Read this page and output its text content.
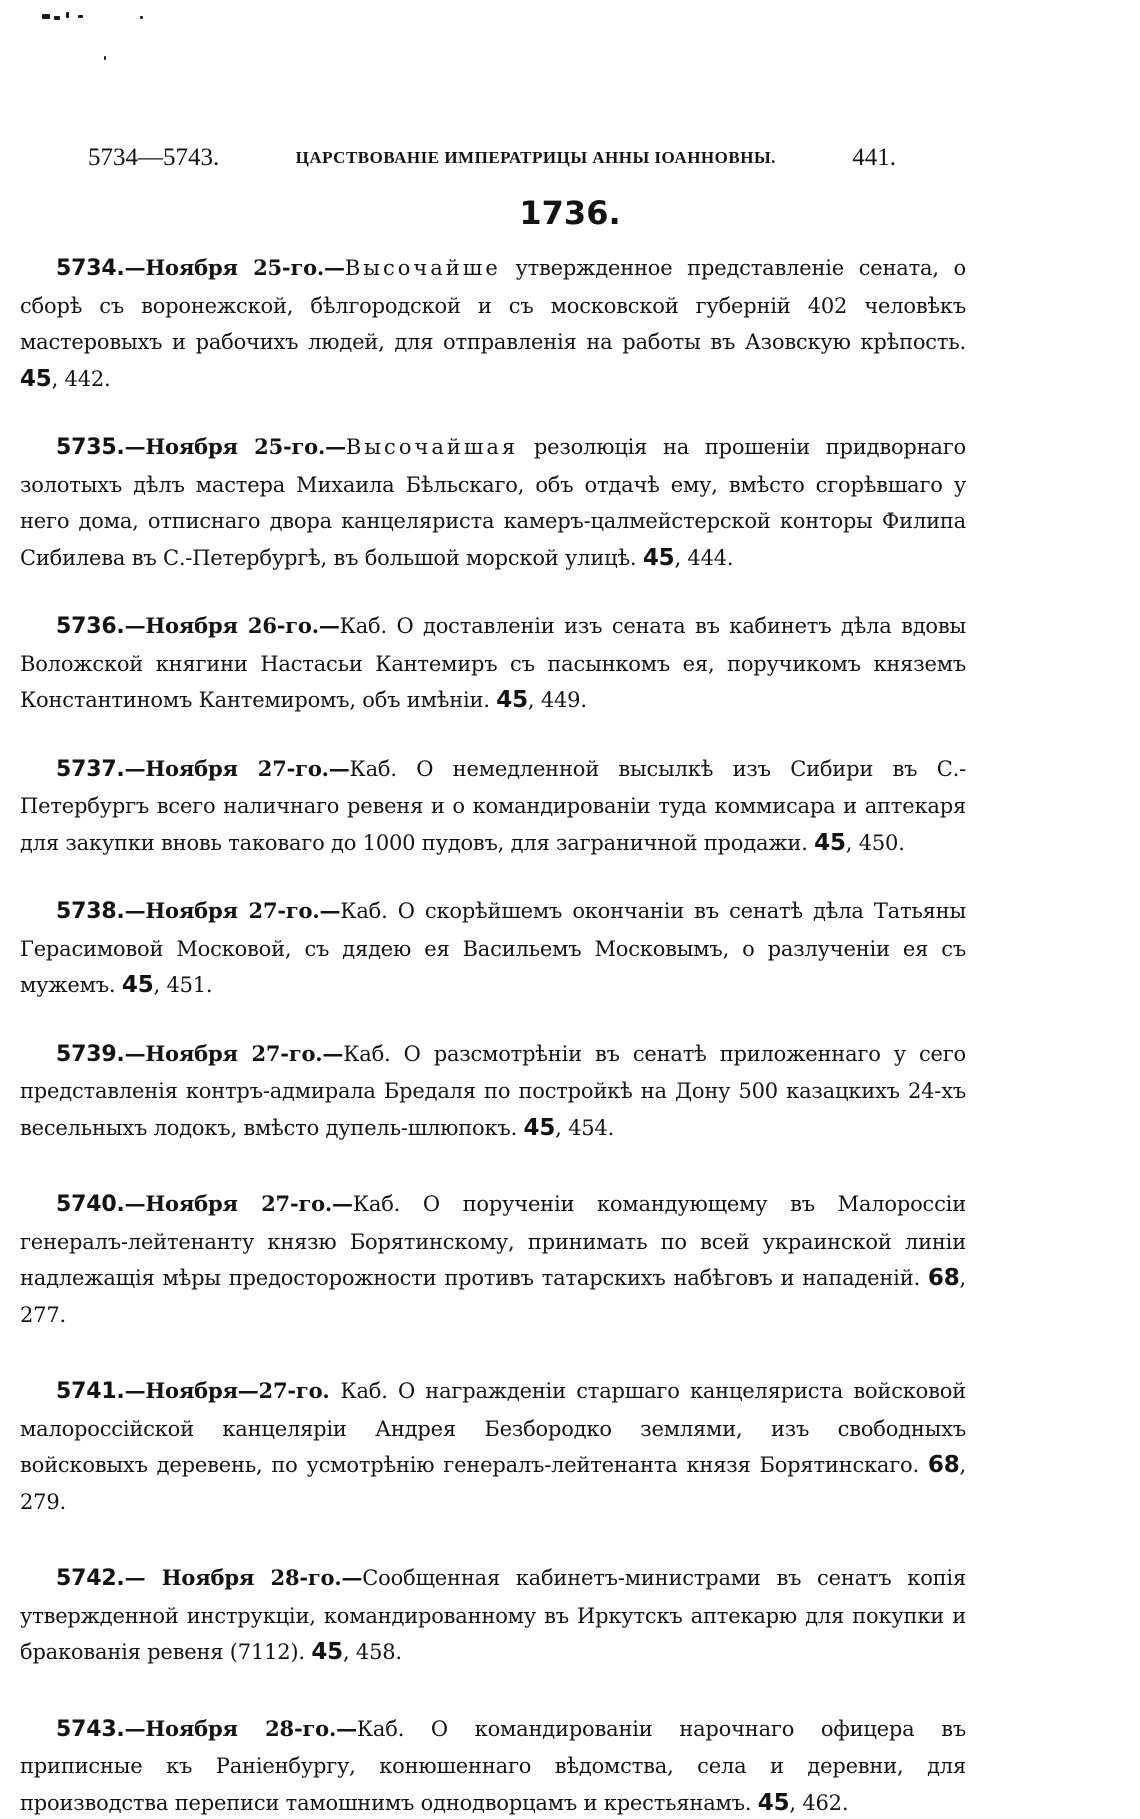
5734—5743.	ЦАРСТВОВАНІЕ ИМПЕРАТРИЦЫ АННЫ ІОАННОВНЫ.	441.
1736.

5734.—Ноября 25-го.—Высочайше утвержденное представленіе сената, о сборѣ съ воронежской, бѣлгородской и съ московской губерній 402 человѣкъ мастеровыхъ и рабочихъ людей, для отправленія на работы въ Азовскую крѣпость. 45, 442.

5735.—Ноября 25-го.—Высочайшая резолюція на прошеніи придворнаго золотыхъ дѣлъ мастера Михаила Бѣльскаго, объ отдачѣ ему, вмѣсто сгорѣвшаго у него дома, отписнаго двора канцеляриста камеръ-цалмейстерской конторы Филипа Сибилева въ С.-Петербургѣ, въ большой морской улицѣ. 45, 444.

5736.—Ноября 26-го.—Каб. О доставленіи изъ сената въ кабинетъ дѣла вдовы Воложской княгини Настасьи Кантемиръ съ пасынкомъ ея, поручикомъ княземъ Константиномъ Кантемиромъ, объ имѣніи. 45, 449.

5737.—Ноября 27-го.—Каб. О немедленной высылкѣ изъ Сибири въ С.-Петербургъ всего наличнаго ревеня и о командированіи туда коммисара и аптекаря для закупки вновь таковаго до 1000 пудовъ, для заграничной продажи. 45, 450.

5738.—Ноября 27-го.—Каб. О скорѣйшемъ окончаніи въ сенатѣ дѣла Татьяны Герасимовой Московой, съ дядею ея Васильемъ Московымъ, о разлученіи ея съ мужемъ. 45, 451.

5739.—Ноября 27-го.—Каб. О разсмотрѣніи въ сенатѣ приложеннаго у сего представленія контръ-адмирала Бредаля по постройкѣ на Дону 500 казацкихъ 24-хъ весельныхъ лодокъ, вмѣсто дупель-шлюпокъ. 45, 454.

5740.—Ноября 27-го.—Каб. О порученіи командующему въ Малороссіи генералъ-лейтенанту князю Борятинскому, принимать по всей украинской линіи надлежащія мѣры предосторожности противъ татарскихъ набѣговъ и нападеній. 68, 277.

5741.—Ноября—27-го. Каб. О награжденіи старшаго канцеляриста войсковой малороссійской канцеляріи Андрея Безбородко землями, изъ свободныхъ войсковыхъ деревень, по усмотрѣнію генералъ-лейтенанта князя Борятинскаго. 68, 279.

5742.— Ноября 28-го.—Сообщенная кабинетъ-министрами въ сенатъ копія утвержденной инструкціи, командированному въ Иркутскъ аптекарю для покупки и бракованія ревеня (7112). 45, 458.

5743.—Ноября 28-го.—Каб. О командированіи нарочнаго офицера въ приписные къ Раніенбургу, конюшеннаго вѣдомства, села и деревни, для производства переписи тамошнимъ однодворцамъ и крестьянамъ. 45, 462.
